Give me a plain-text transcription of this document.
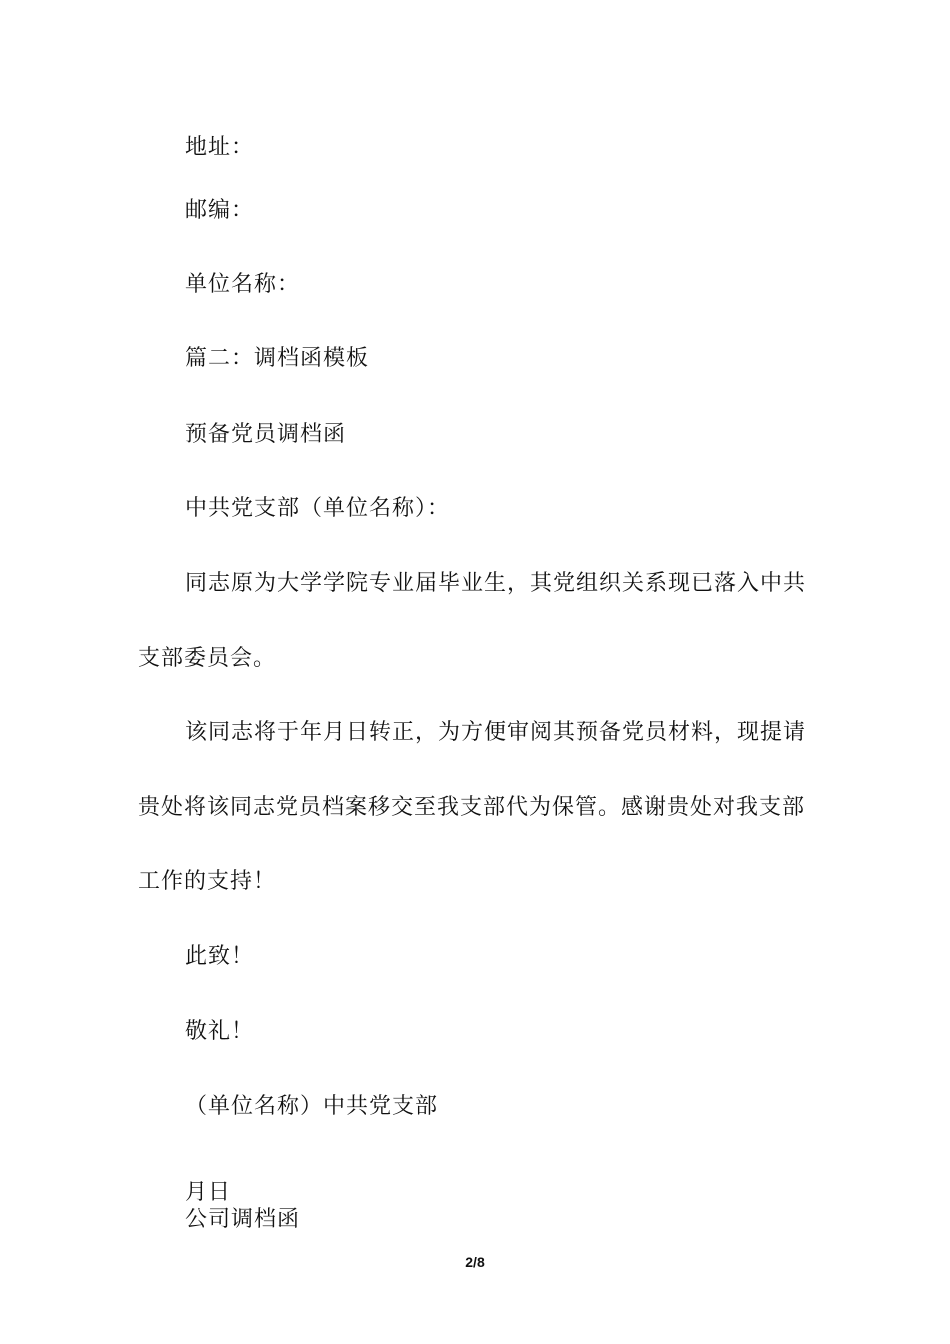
地址：
邮编：
单位名称：
篇二：调档函模板
预备党员调档函
中共党支部（单位名称）：
同志原为大学学院专业届毕业生，其党组织关系现已落入中共
支部委员会。
该同志将于年月日转正，为方便审阅其预备党员材料，现提请
贵处将该同志党员档案移交至我支部代为保管。感谢贵处对我支部
工作的支持！
此致！
敬礼！
（单位名称）中共党支部
月日
公司调档函
2/8
